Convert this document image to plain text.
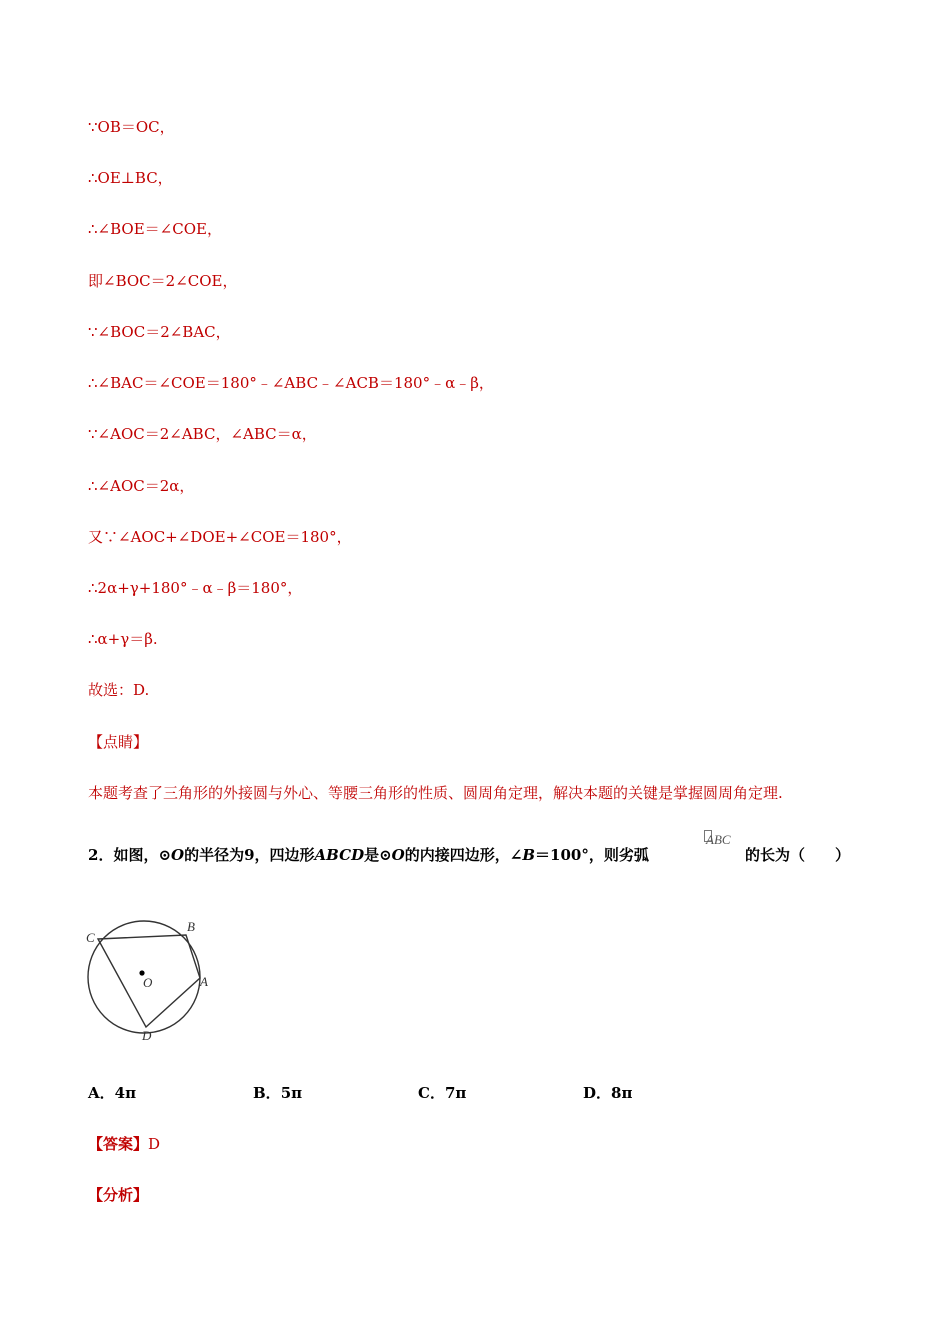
∵OB＝OC，
∴OE⊥BC，
∴∠BOE＝∠COE，
即∠BOC＝2∠COE，
∵∠BOC＝2∠BAC，
∴∠BAC＝∠COE＝180°﹣∠ABC﹣∠ACB＝180°﹣α﹣β，
∵∠AOC＝2∠ABC，∠ABC＝α，
∴∠AOC＝2α，
又∵∠AOC+∠DOE+∠COE＝180°，
∴2α+γ+180°﹣α﹣β＝180°，
∴α+γ＝β.
故选：D.
【点睛】
本题考查了三角形的外接圆与外心、等腰三角形的性质、圆周角定理，解决本题的关键是掌握圆周角定理.
2．如图，⊙O的半径为9，四边形ABCD是⊙O的内接四边形，∠B＝100°，则劣弧
ABC
的长为（　　）
O
C
B
A
D
A．4π	B．5π	C．7π	D．8π
【答案】D
【分析】
